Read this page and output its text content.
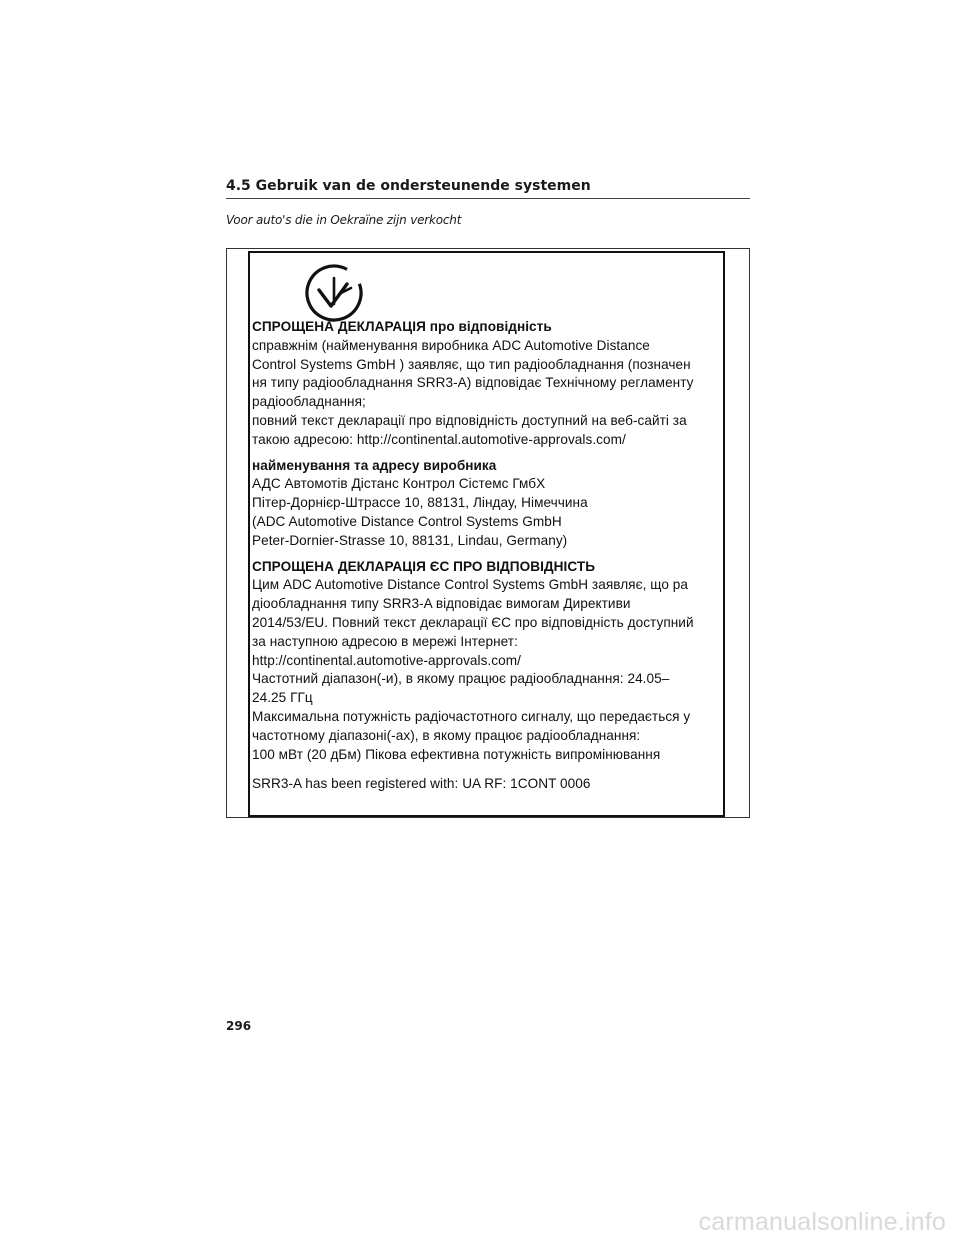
4.5 Gebruik van de ondersteunende systemen
Voor auto's die in Oekraïne zijn verkocht
СПРОЩЕНА ДЕКЛАРАЦІЯ про відповідність
справжнім (найменування виробника ADC Automotive Distance
Control Systems GmbH ) заявляє, що тип радіообладнання (позначен
ня типу радіообладнання SRR3-A) відповідає Технічному регламенту
радіообладнання;
повний текст декларації про відповідність доступний на веб-сайті за
такою адресою: http://continental.automotive-approvals.com/
найменування та адресу виробника
АДС Автомотів Дістанс Контрол Сістемс ГмбХ
Пітер-Дорнієр-Штрассе 10, 88131, Ліндау, Німеччина
(ADC Automotive Distance Control Systems GmbH
Peter-Dornier-Strasse 10, 88131, Lindau, Germany)
СПРОЩЕНА ДЕКЛАРАЦІЯ ЄС ПРО ВІДПОВІДНІСТЬ
Цим ADC Automotive Distance Control Systems GmbH заявляє, що ра
діообладнання типу SRR3-A відповідає вимогам Директиви
2014/53/EU. Повний текст декларації ЄС про відповідність доступний
за наступною адресою в мережі Інтернет:
http://continental.automotive-approvals.com/
Частотний діапазон(-и), в якому працює радіообладнання: 24.05–
24.25 ГГц
Максимальна потужність радіочастотного сигналу, що передається у
частотному діапазоні(-ах), в якому працює радіообладнання:
100 мВт (20 дБм) Пікова ефективна потужність випромінювання
SRR3-A has been registered with: UA RF: 1CONT 0006
296
carmanualsonline.info
